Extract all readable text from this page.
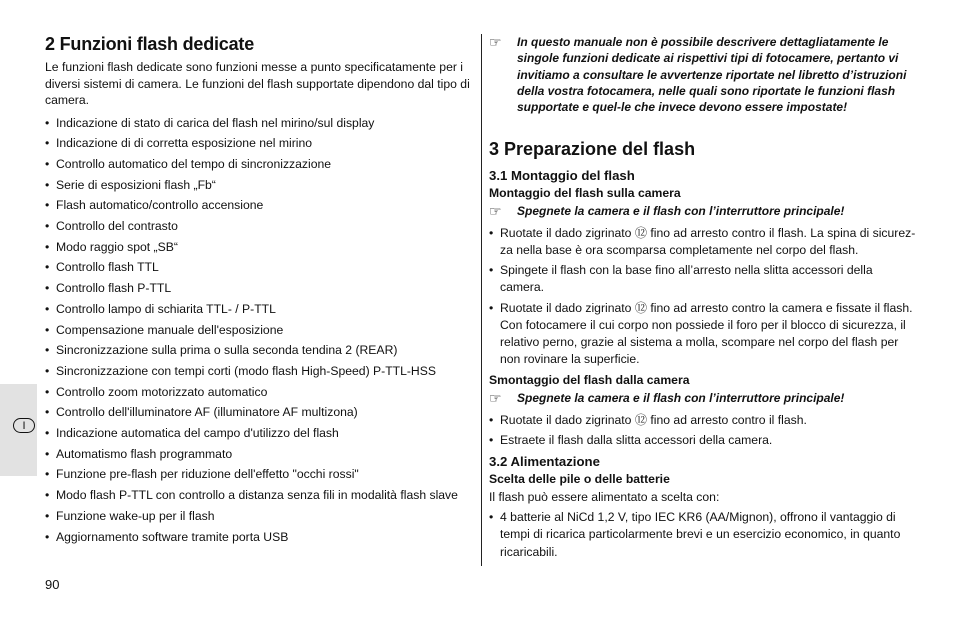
I
90
2 Funzioni flash dedicate

Le funzioni flash dedicate sono funzioni messe a punto specificatamente per i diversi sistemi di camera. Le funzioni del flash supportate dipendono dal tipo di camera.

• Indicazione di stato di carica del flash nel mirino/sul display
• Indicazione di di corretta esposizione nel mirino
• Controllo automatico del tempo di sincronizzazione
• Serie di esposizioni flash „Fb“
• Flash automatico/controllo accensione
• Controllo del contrasto
• Modo raggio spot „SB“
• Controllo flash TTL
• Controllo flash P-TTL
• Controllo lampo di schiarita TTL- / P-TTL
• Compensazione manuale dell'esposizione
• Sincronizzazione sulla prima o sulla seconda tendina 2 (REAR)
• Sincronizzazione con tempi corti (modo flash High-Speed) P-TTL-HSS
• Controllo zoom motorizzato automatico
• Controllo dell'illuminatore AF (illuminatore AF multizona)
• Indicazione automatica del campo d'utilizzo del flash
• Automatismo flash programmato
• Funzione pre-flash per riduzione dell'effetto "occhi rossi"
• Modo flash P-TTL con controllo a distanza senza fili in modalità flash slave
• Funzione wake-up per il flash
• Aggiornamento software tramite porta USB

☞ In questo manuale non è possibile descrivere dettagliatamente le singole funzioni dedicate ai rispettivi tipi di fotocamere, pertanto vi invitiamo a consultare le avvertenze riportate nel libretto d’istruzioni della vostra fotocamera, nelle quali sono riportate le funzioni flash supportate e quel-le che invece devono essere impostate!

3 Preparazione del flash
3.1 Montaggio del flash
Montaggio del flash sulla camera

☞ Spegnete la camera e il flash con l’interruttore principale!

• Ruotate il dado zigrinato ⑫ fino ad arresto contro il flash. La spina di sicurez-za nella base è ora scomparsa completamente nel corpo del flash.
• Spingete il flash con la base fino all’arresto nella slitta accessori della camera.
• Ruotate il dado zigrinato ⑫ fino ad arresto contro la camera e fissate il flash. Con fotocamere il cui corpo non possiede il foro per il blocco di sicurezza, il relativo perno, grazie al sistema a molla, scompare nel corpo del flash per non rovinare la superficie.
Smontaggio del flash dalla camera

☞ Spegnete la camera e il flash con l’interruttore principale!

• Ruotate il dado zigrinato ⑫ fino ad arresto contro il flash.
• Estraete il flash dalla slitta accessori della camera.
3.2 Alimentazione
Scelta delle pile o delle batterie

Il flash può essere alimentato a scelta con:

• 4 batterie al NiCd 1,2 V, tipo IEC KR6 (AA/Mignon), offrono il vantaggio di tempi di ricarica particolarmente brevi e un esercizio economico, in quanto ricaricabili.
